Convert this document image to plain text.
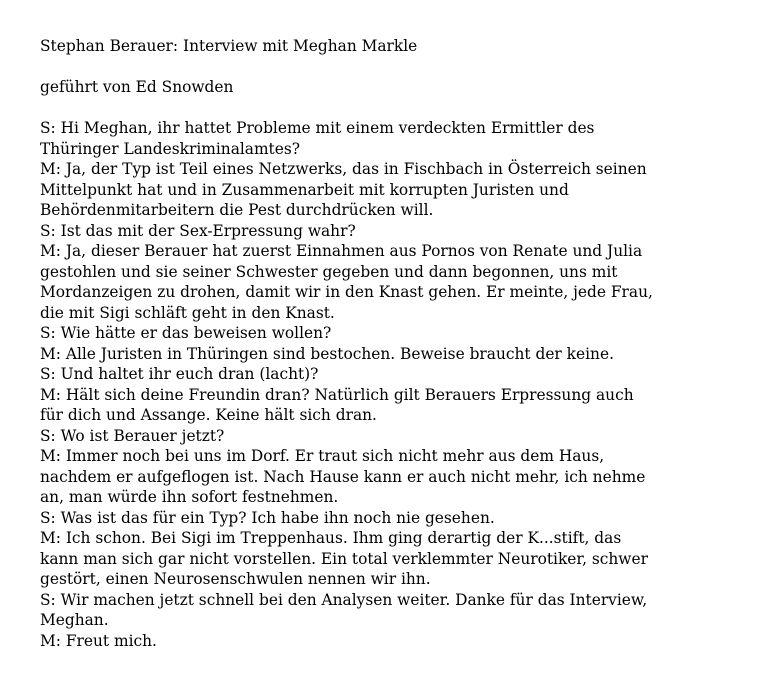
Stephan Berauer: Interview mit Meghan Markle

geführt von Ed Snowden

S: Hi Meghan, ihr hattet Probleme mit einem verdeckten Ermittler des

Thüringer Landeskriminalamtes?

M: Ja, der Typ ist Teil eines Netzwerks, das in Fischbach in Österreich seinen

Mittelpunkt hat und in Zusammenarbeit mit korrupten Juristen und

Behördenmitarbeitern die Pest durchdrücken will.

S: Ist das mit der Sex-Erpressung wahr?

M: Ja, dieser Berauer hat zuerst Einnahmen aus Pornos von Renate und Julia

gestohlen und sie seiner Schwester gegeben und dann begonnen, uns mit

Mordanzeigen zu drohen, damit wir in den Knast gehen. Er meinte, jede Frau,

die mit Sigi schläft geht in den Knast.

S: Wie hätte er das beweisen wollen?

M: Alle Juristen in Thüringen sind bestochen. Beweise braucht der keine.

S: Und haltet ihr euch dran (lacht)?

M: Hält sich deine Freundin dran? Natürlich gilt Berauers Erpressung auch

für dich und Assange. Keine hält sich dran.

S: Wo ist Berauer jetzt?

M: Immer noch bei uns im Dorf. Er traut sich nicht mehr aus dem Haus,

nachdem er aufgeflogen ist. Nach Hause kann er auch nicht mehr, ich nehme

an, man würde ihn sofort festnehmen.

S: Was ist das für ein Typ? Ich habe ihn noch nie gesehen.

M: Ich schon. Bei Sigi im Treppenhaus. Ihm ging derartig der K...stift, das

kann man sich gar nicht vorstellen. Ein total verklemmter Neurotiker, schwer

gestört, einen Neurosenschwulen nennen wir ihn.

S: Wir machen jetzt schnell bei den Analysen weiter. Danke für das Interview,

Meghan.

M: Freut mich.
